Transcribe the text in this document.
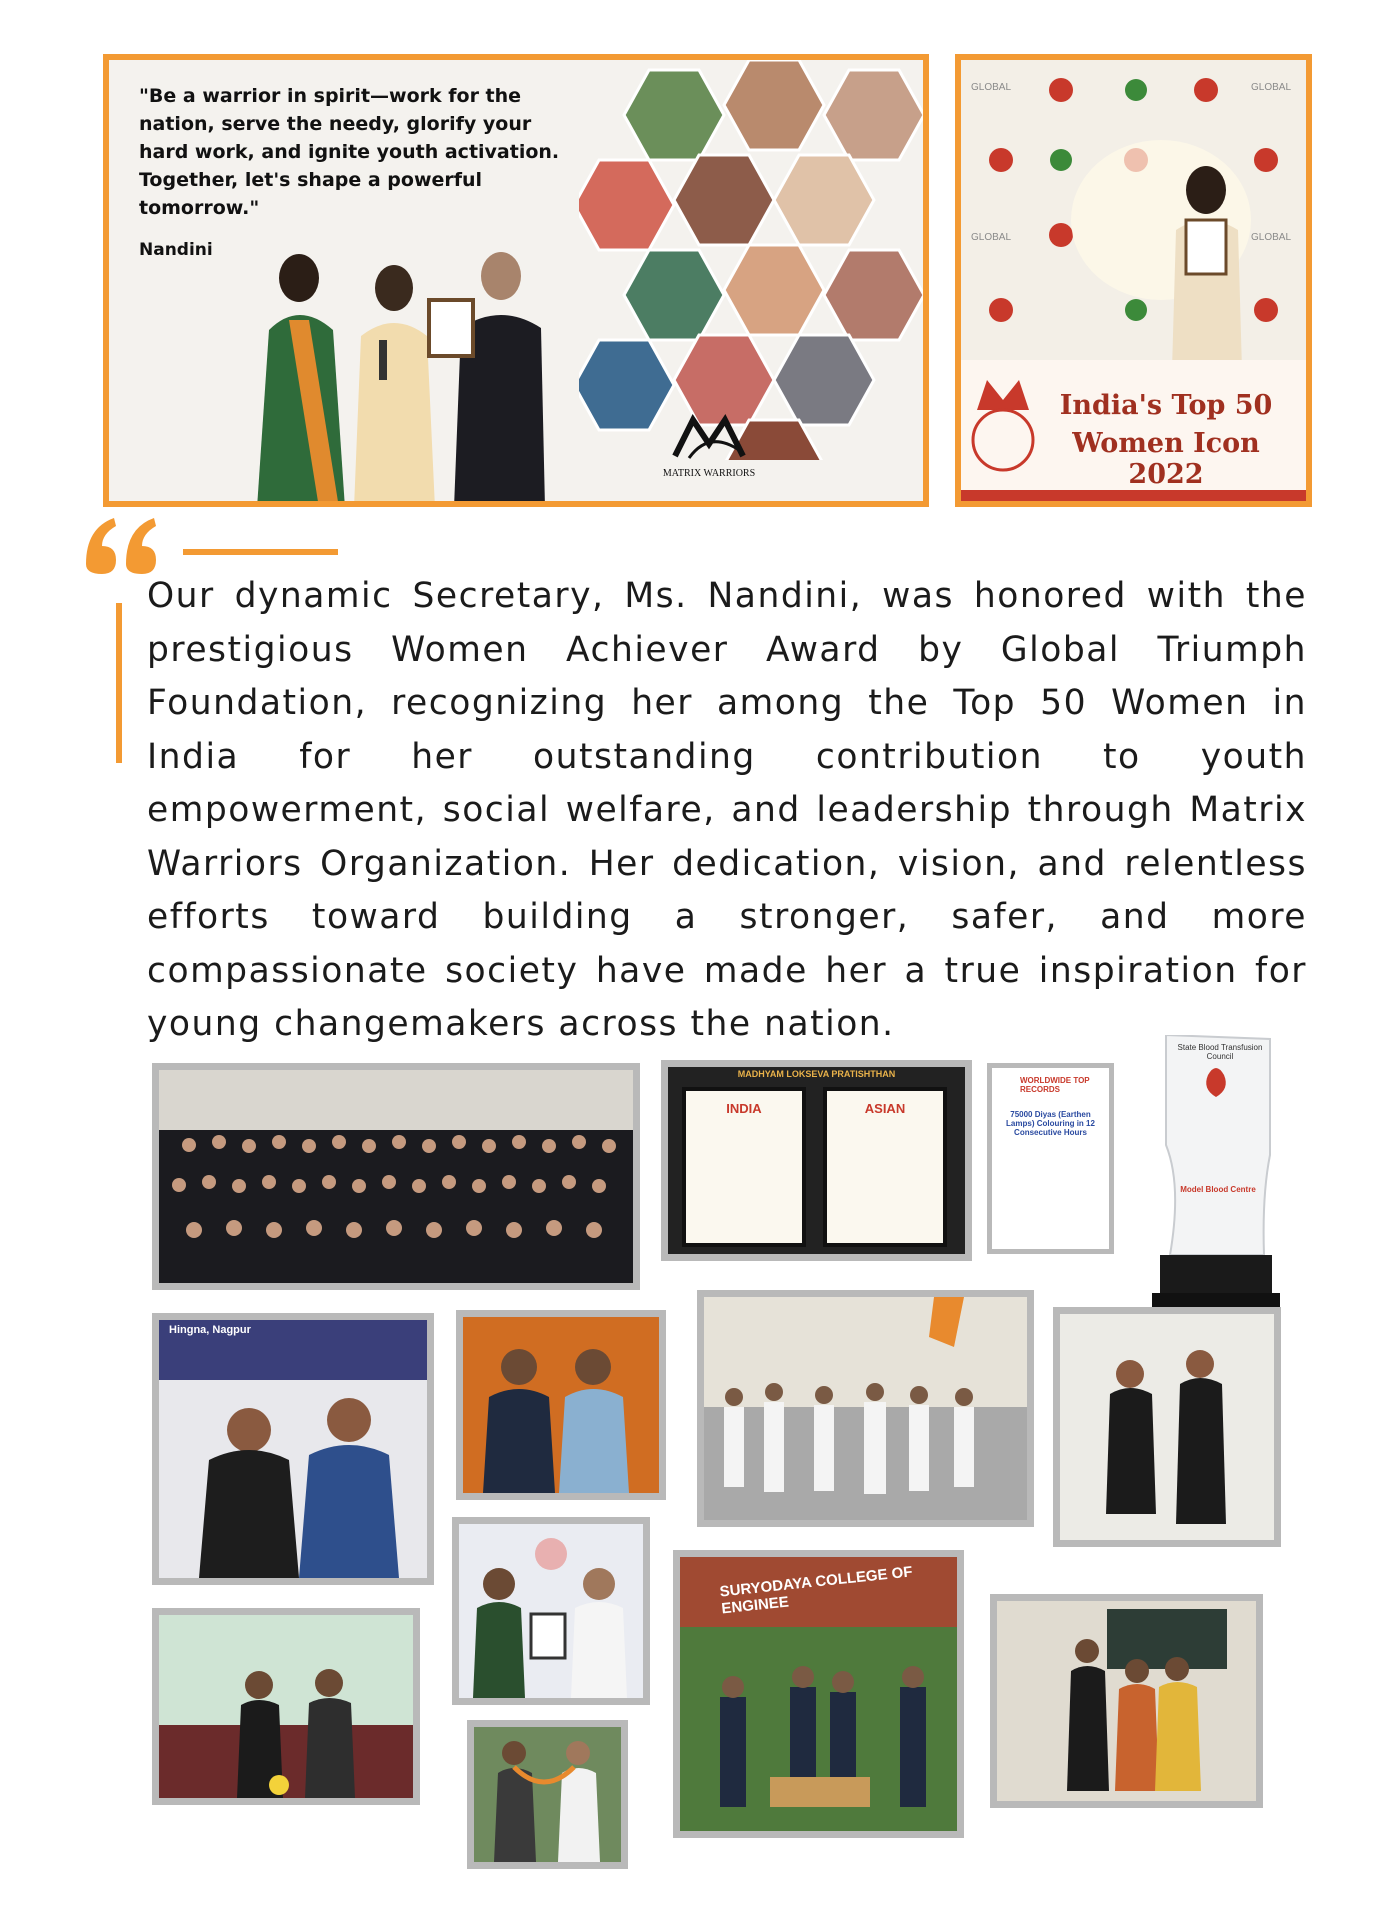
"Be a warrior in spirit—work for the nation, serve the needy, glorify your hard work, and ignite youth activation. Together, let's shape a powerful tomorrow."
Nandini
MATRIX WARRIORS
GLOBAL	GLOBAL
GLOBAL	GLOBAL
India's Top 50
Women Icon 2022
Our dynamic Secretary, Ms. Nandini, was honored with the prestigious Women Achiever Award by Global Triumph Foundation, recognizing her among the Top 50 Women in India for her outstanding contribution to youth empowerment, social welfare, and leadership through Matrix Warriors Organization. Her dedication, vision, and relentless efforts toward building a stronger, safer, and more compassionate society have made her a true inspiration for young changemakers across the nation.
MADHYAM LOKSEVA PRATISHTHAN
INDIA	ASIAN
WORLDWIDE TOP RECORDS
75000 Diyas (Earthen Lamps) Colouring in 12 Consecutive Hours
State Blood Transfusion Council
Model Blood Centre
Hingna, Nagpur
SURYODAYA COLLEGE OF ENGINEE
